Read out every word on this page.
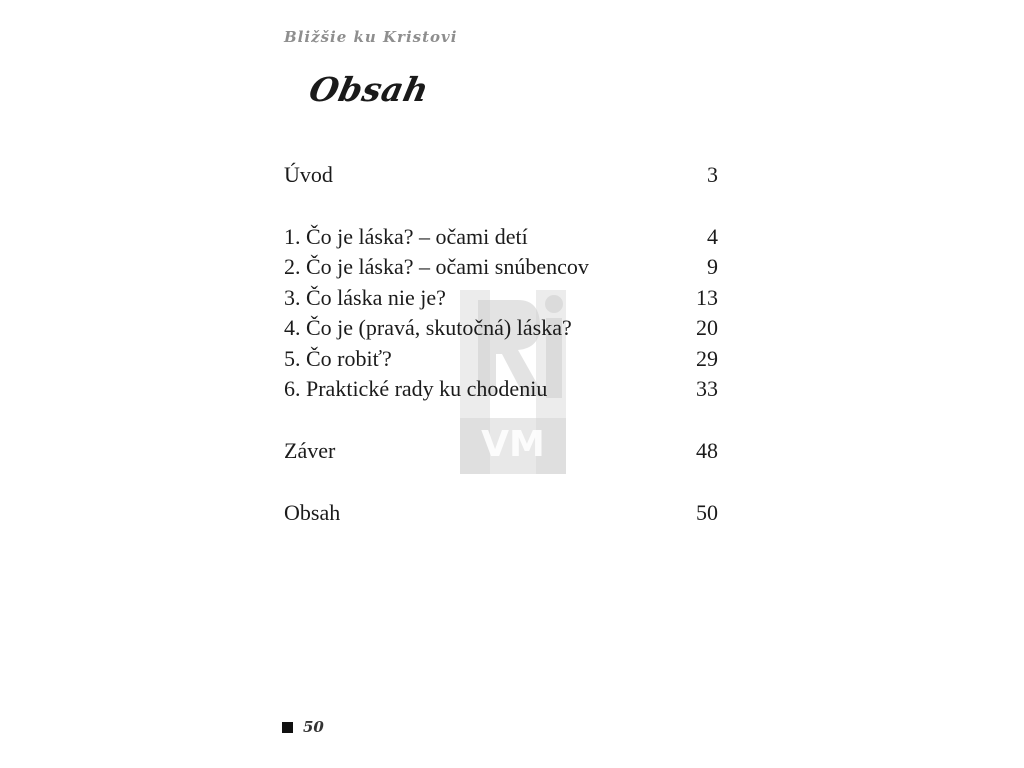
Bližšie ku Kristovi
Obsah
VM
Úvod	3
1. Čo je láska? – očami detí	4
2. Čo je láska? – očami snúbencov	9
3. Čo láska nie je?	13
4. Čo je (pravá, skutočná) láska?	20
5. Čo robiť?	29
6. Praktické rady ku chodeniu	33
Záver	48
Obsah	50
50
